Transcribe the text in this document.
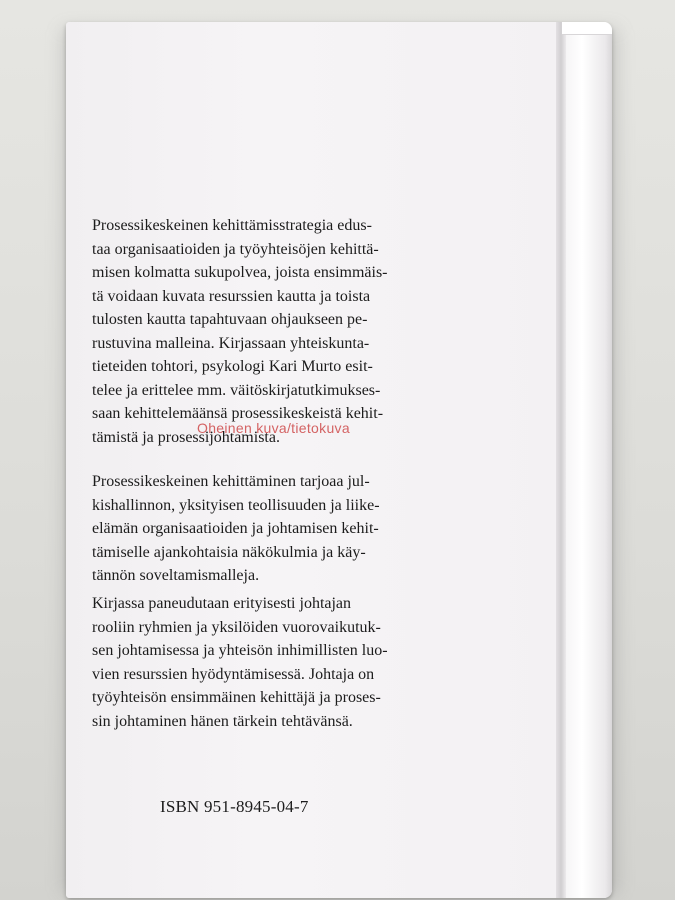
Prosessikeskeinen kehittämisstrategia edus-
taa organisaatioiden ja työyhteisöjen kehittä-
misen kolmatta sukupolvea, joista ensimmäis-
tä voidaan kuvata resurssien kautta ja toista
tulosten kautta tapahtuvaan ohjaukseen pe-
rustuvina malleina. Kirjassaan yhteiskunta-
tieteiden tohtori, psykologi Kari Murto esit-
telee ja erittelee mm. väitöskirjatutkimukses-
saan kehittelemäänsä prosessikeskeistä kehit-
tämistä ja prosessijohtamista.

Prosessikeskeinen kehittäminen tarjoaa jul-
kishallinnon, yksityisen teollisuuden ja liike-
elämän organisaatioiden ja johtamisen kehit-
tämiselle ajankohtaisia näkökulmia ja käy-
tännön soveltamismalleja.

Kirjassa paneudutaan erityisesti johtajan
rooliin ryhmien ja yksilöiden vuorovaikutuk-
sen johtamisessa ja yhteisön inhimillisten luo-
vien resurssien hyödyntämisessä. Johtaja on
työyhteisön ensimmäinen kehittäjä ja proses-
sin johtaminen hänen tärkein tehtävänsä.

Oheinen kuva/tietokuva
ISBN 951-8945-04-7
